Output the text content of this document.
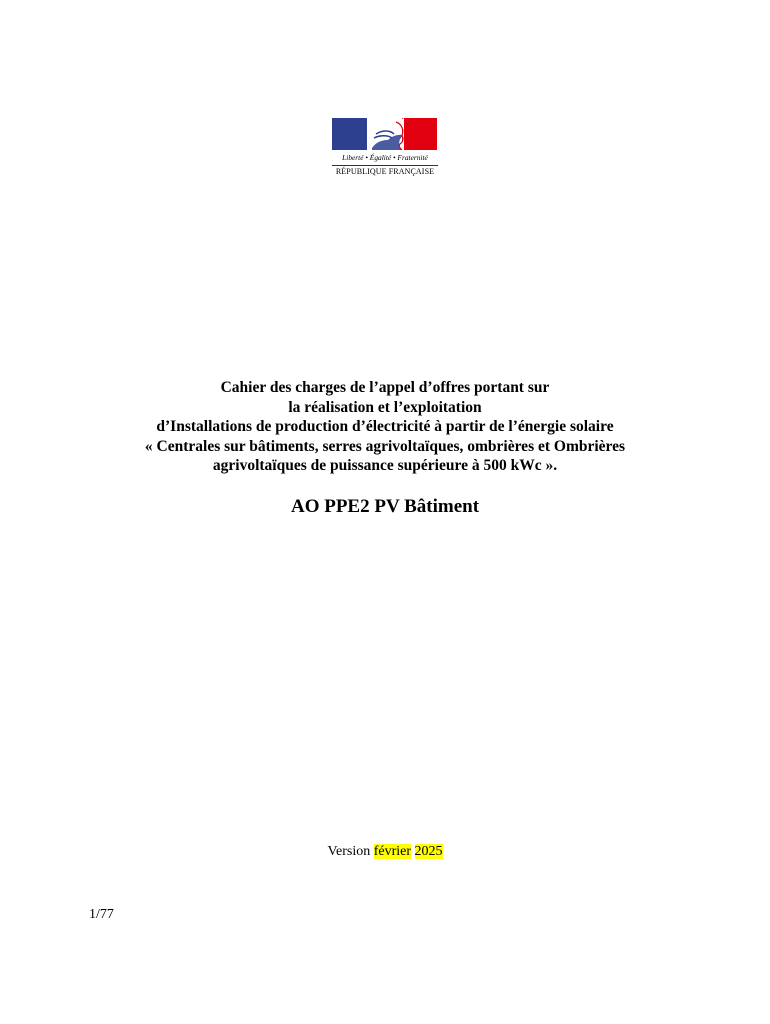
Liberté • Égalité • Fraternité
RÉPUBLIQUE FRANÇAISE
Cahier des charges de l’appel d’offres portant sur
la réalisation et l’exploitation
d’Installations de production d’électricité à partir de l’énergie solaire
« Centrales sur bâtiments, serres agrivoltaïques, ombrières et Ombrières
agrivoltaïques de puissance supérieure à 500 kWc ».
AO PPE2 PV Bâtiment
Version février 2025
1/77
